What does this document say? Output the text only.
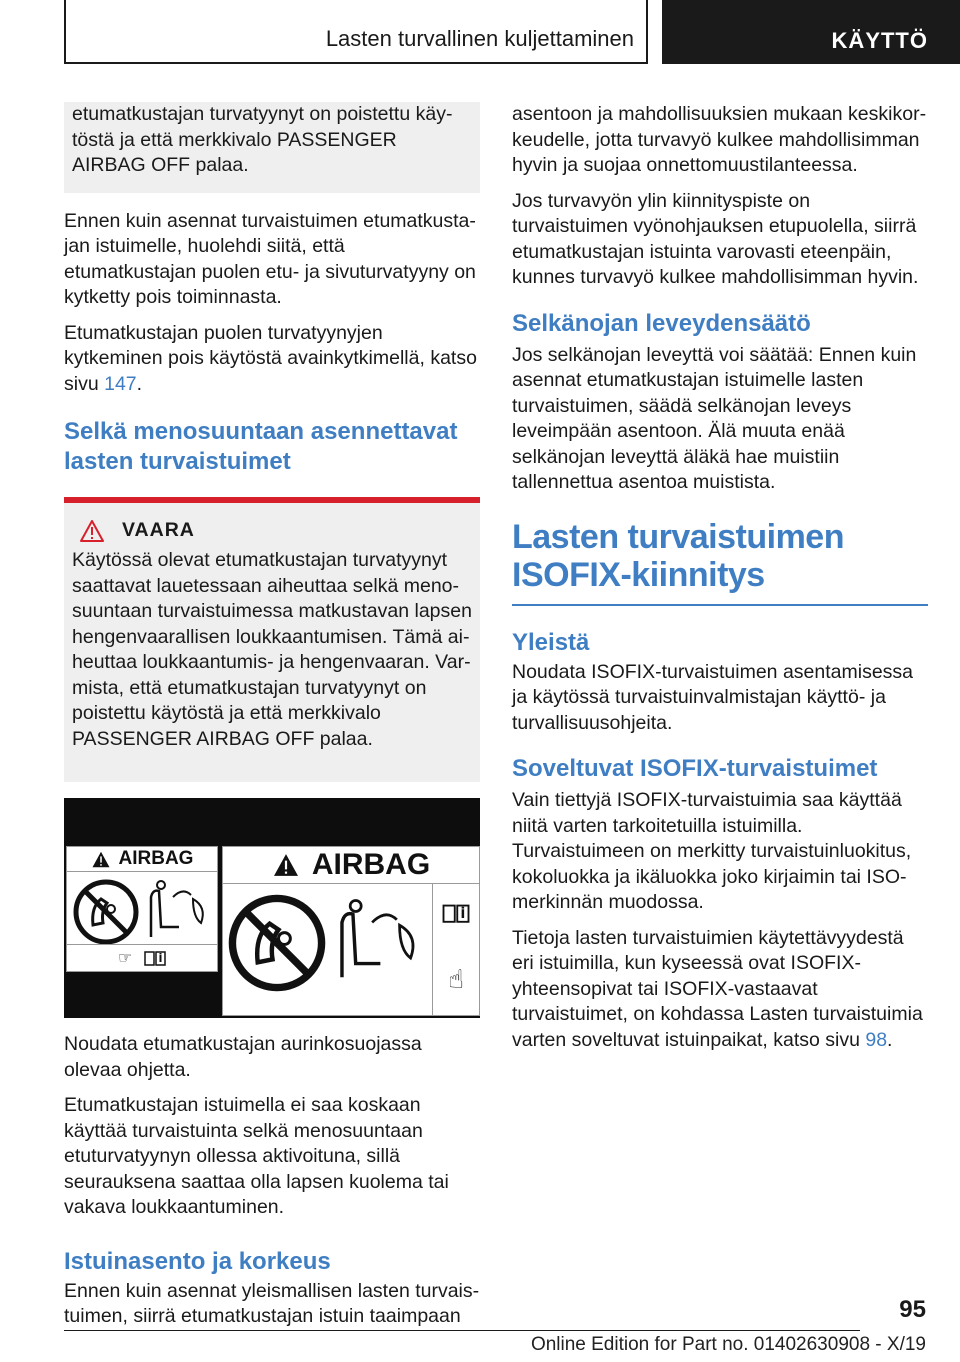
Lasten turvallinen kuljettaminen	KÄYTTÖ

etumatkustajan turvatyynyt on poistettu käytöstä ja että merkkivalo PASSENGER AIRBAG OFF palaa.

Ennen kuin asennat turvaistuimen etumatkustajan istuimelle, huolehdi siitä, että etumatkustajan puolen etu- ja sivuturvatyyny on kytketty pois toiminnasta.

Etumatkustajan puolen turvatyynyjen kytkeminen pois käytöstä avainkytkimellä, katso sivu 147.

Selkä menosuuntaan asennettavat lasten turvaistuimet
VAARA

Käytössä olevat etumatkustajan turvatyynyt saattavat lauetessaan aiheuttaa selkä menosuuntaan turvaistuimessa matkustavan lapsen hengenvaarallisen loukkaantumisen. Tämä aiheuttaa loukkaantumis- ja hengenvaaran. Varmista, että etumatkustajan turvatyynyt on poistettu käytöstä ja että merkkivalo PASSENGER AIRBAG OFF palaa.

AIRBAG
☞
AIRBAG
☝

Noudata etumatkustajan aurinkosuojassa olevaa ohjetta.

Etumatkustajan istuimella ei saa koskaan käyttää turvaistuinta selkä menosuuntaan etuturvatyynyn ollessa aktivoituna, sillä seurauksena saattaa olla lapsen kuolema tai vakava loukkaantuminen.

Istuinasento ja korkeus

Ennen kuin asennat yleismallisen lasten turvaistuimen, siirrä etumatkustajan istuin taaimpaan

asentoon ja mahdollisuuksien mukaan keskikorkeudelle, jotta turvavyö kulkee mahdollisimman hyvin ja suojaa onnettomuustilanteessa.

Jos turvavyön ylin kiinnityspiste on turvaistuimen vyönohjauksen etupuolella, siirrä etumatkustajan istuinta varovasti eteenpäin, kunnes turvavyö kulkee mahdollisimman hyvin.

Selkänojan leveydensäätö

Jos selkänojan leveyttä voi säätää: Ennen kuin asennat etumatkustajan istuimelle lasten turvaistuimen, säädä selkänojan leveys leveimpään asentoon. Älä muuta enää selkänojan leveyttä äläkä hae muistiin tallennettua asentoa muistista.

Lasten turvaistuimen ISOFIX-kiinnitys
Yleistä

Noudata ISOFIX-turvaistuimen asentamisessa ja käytössä turvaistuinvalmistajan käyttö- ja turvallisuusohjeita.

Soveltuvat ISOFIX-turvaistuimet

Vain tiettyjä ISOFIX-turvaistuimia saa käyttää niitä varten tarkoitetuilla istuimilla. Turvaistuimeen on merkitty turvaistuinluokitus, kokoluokka ja ikäluokka joko kirjaimin tai ISO-merkinnän muodossa.

Tietoja lasten turvaistuimien käytettävyydestä eri istuimilla, kun kyseessä ovat ISOFIX-yhteensopivat tai ISOFIX-vastaavat turvaistuimet, on kohdassa Lasten turvaistuimia varten soveltuvat istuinpaikat, katso sivu 98.

95
Online Edition for Part no. 01402630908 - X/19
